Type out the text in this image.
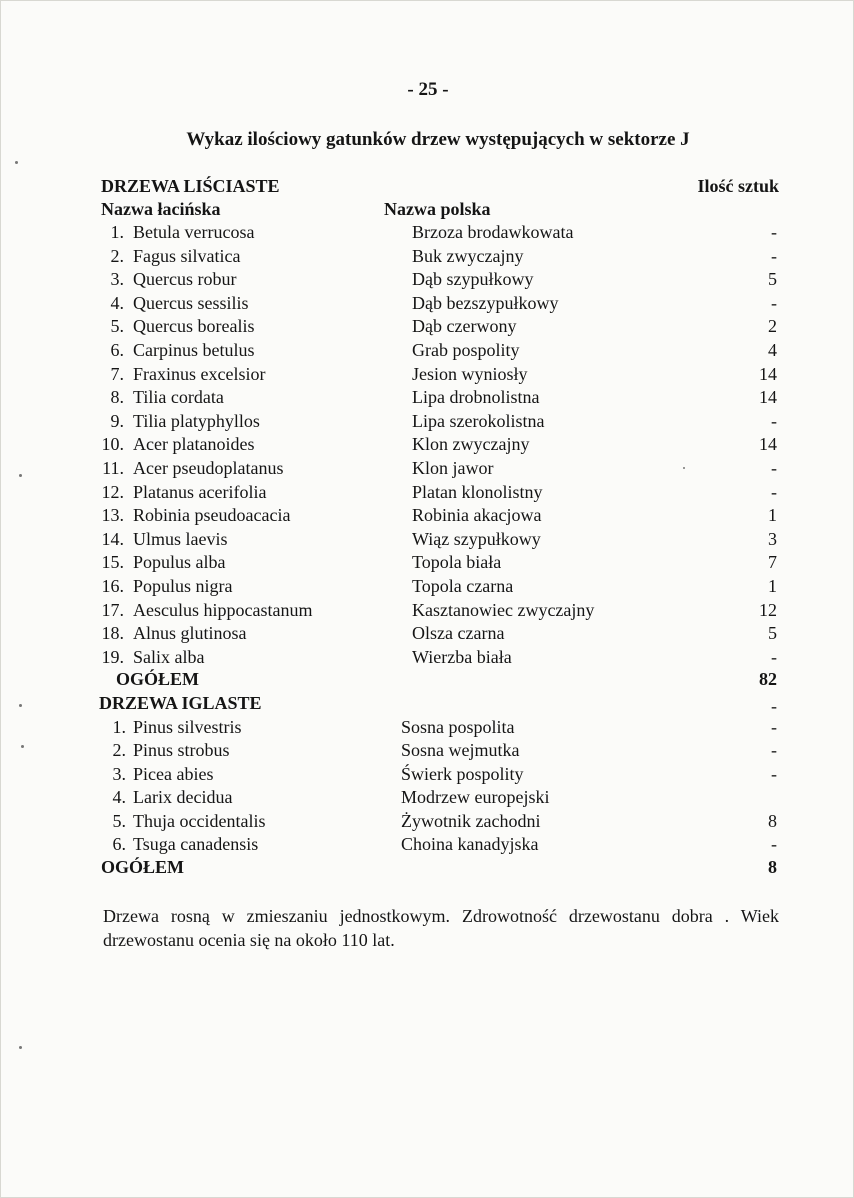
- 25 -
Wykaz ilościowy gatunków drzew występujących w sektorze J
DRZEWA LIŚCIASTE	Ilość sztuk
Nazwa łacińska	Nazwa polska
1. Betula verrucosa	Brzoza brodawkowata	-
2. Fagus silvatica	Buk zwyczajny	-
3. Quercus robur	Dąb szypułkowy	5
4. Quercus sessilis	Dąb bezszypułkowy	-
5. Quercus borealis	Dąb czerwony	2
6. Carpinus betulus	Grab pospolity	4
7. Fraxinus excelsior	Jesion wyniosły	14
8. Tilia cordata	Lipa drobnolistna	14
9. Tilia platyphyllos	Lipa szerokolistna	-
10. Acer platanoides	Klon zwyczajny	14
11. Acer pseudoplatanus	Klon jawor	-
12. Platanus acerifolia	Platan klonolistny	-
13. Robinia pseudoacacia	Robinia akacjowa	1
14. Ulmus laevis	Wiąz szypułkowy	3
15. Populus alba	Topola biała	7
16. Populus nigra	Topola czarna	1
17. Aesculus hippocastanum	Kasztanowiec zwyczajny	12
18. Alnus glutinosa	Olsza czarna	5
19. Salix alba	Wierzba biała	-
OGÓŁEM	82
DRZEWA IGLASTE	-
1. Pinus silvestris	Sosna pospolita	-
2. Pinus strobus	Sosna wejmutka	-
3. Picea abies	Świerk pospolity	-
4. Larix decidua	Modrzew europejski
5. Thuja occidentalis	Żywotnik zachodni	8
6. Tsuga canadensis	Choina kanadyjska	-
OGÓŁEM	8
Drzewa rosną w zmieszaniu jednostkowym. Zdrowotność drzewostanu dobra . Wiek drzewostanu ocenia się na około 110 lat.
